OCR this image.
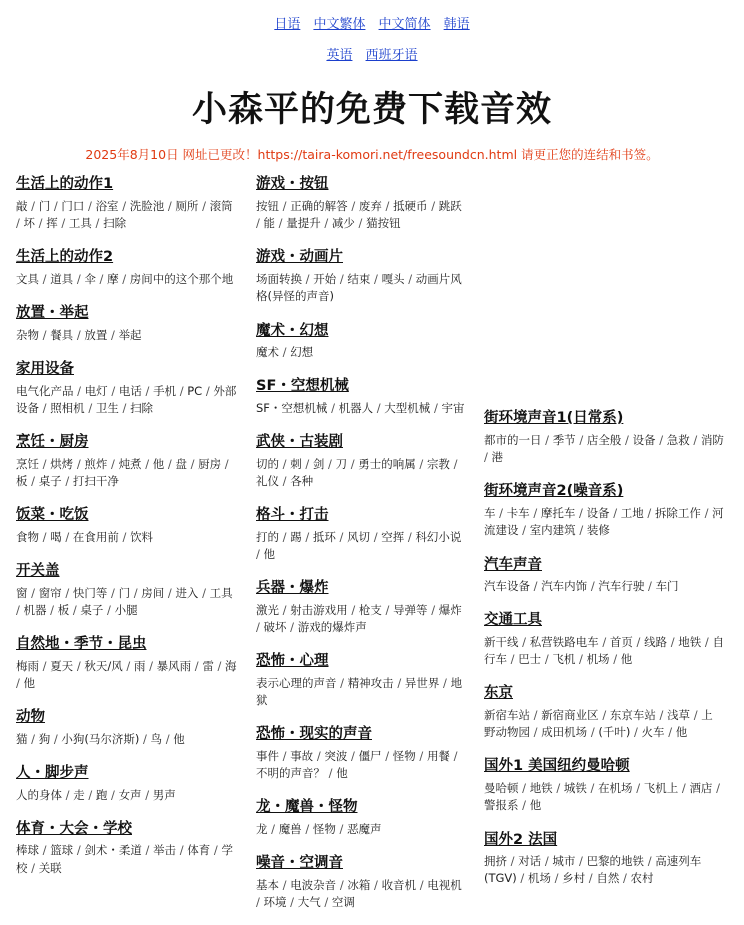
日语 中文繁体 中文简体 韩语
英语 西班牙语
小森平的免费下载音效
2025年8月10日 网址已更改！https://taira-komori.net/freesoundcn.html 请更正您的连结和书签。
生活上的动作1
敲 / 门 / 门口 / 浴室 / 洗脸池 / 厕所 / 滚筒 / 坏 / 挥 / 工具 / 扫除
生活上的动作2
文具 / 道具 / 伞 / 摩 / 房间中的这个那个地
放置・举起
杂物 / 餐具 / 放置 / 举起
家用设备
电气化产品 / 电灯 / 电话 / 手机 / PC / 外部设备 / 照相机 / 卫生 / 扫除
烹饪・厨房
烹饪 / 烘烤 / 煎炸 / 炖煮 / 他 / 盘 / 厨房 / 板 / 桌子 / 打扫干净
饭菜・吃饭
食物 / 喝 / 在食用前 / 饮料
开关盖
窗 / 窗帘 / 快门等 / 门 / 房间 / 进入 / 工具 / 机器 / 板 / 桌子 / 小腿
自然地・季节・昆虫
梅雨 / 夏天 / 秋天/风 / 雨 / 暴风雨 / 雷 / 海 / 他
动物
猫 / 狗 / 小狗(马尔济斯) / 鸟 / 他
人・脚步声
人的身体 / 走 / 跑 / 女声 / 男声
体育・大会・学校
棒球 / 篮球 / 剑术・柔道 / 举击 / 体育 / 学校 / 关联
游戏・按钮
按钮 / 正确的解答 / 废弃 / 抵硬币 / 跳跃 / 能 / 量提升 / 减少 / 猫按钮
游戏・动画片
场面转换 / 开始 / 结束 / 嘎头 / 动画片风格(异怪的声音)
魔术・幻想
魔术 / 幻想
SF・空想机械
SF・空想机械 / 机器人 / 大型机械 / 宇宙
武侠・古装剧
切的 / 刺 / 剑 / 刀 / 勇士的响属 / 宗教 / 礼仪 / 各种
格斗・打击
打的 / 踢 / 抵环 / 风切 / 空挥 / 科幻小说 / 他
兵器・爆炸
激光 / 射击游戏用 / 枪支 / 导弹等 / 爆炸 / 破坏 / 游戏的爆炸声
恐怖・心理
表示心理的声音 / 精神攻击 / 异世界 / 地狱
恐怖・现实的声音
事件 / 事故 / 突波 / 僵尸 / 怪物 / 用餐 / 不明的声音？ / 他
龙・魔兽・怪物
龙 / 魔兽 / 怪物 / 恶魔声
噪音・空调音
基本 / 电波杂音 / 冰箱 / 收音机 / 电视机 / 环境 / 大气 / 空调
街环境声音1(日常系)
都市的一日 / 季节 / 店全般 / 设备 / 急救 / 消防 / 港
街环境声音2(噪音系)
车 / 卡车 / 摩托车 / 设备 / 工地 / 拆除工作 / 河流建设 / 室内建筑 / 装修
汽车声音
汽车设备 / 汽车内饰 / 汽车行驶 / 车门
交通工具
新干线 / 私营铁路电车 / 首页 / 线路 / 地铁 / 自行车 / 巴士 / 飞机 / 机场 / 他
东京
新宿车站 / 新宿商业区 / 东京车站 / 浅草 / 上野动物园 / 成田机场 / (千叶) / 火车 / 他
国外1 美国纽约曼哈顿
曼哈顿 / 地铁 / 城铁 / 在机场 / 飞机上 / 酒店 / 警报系 / 他
国外2 法国
拥挤 / 对话 / 城市 / 巴黎的地铁 / 高速列车(TGV) / 机场 / 乡村 / 自然 / 农村
